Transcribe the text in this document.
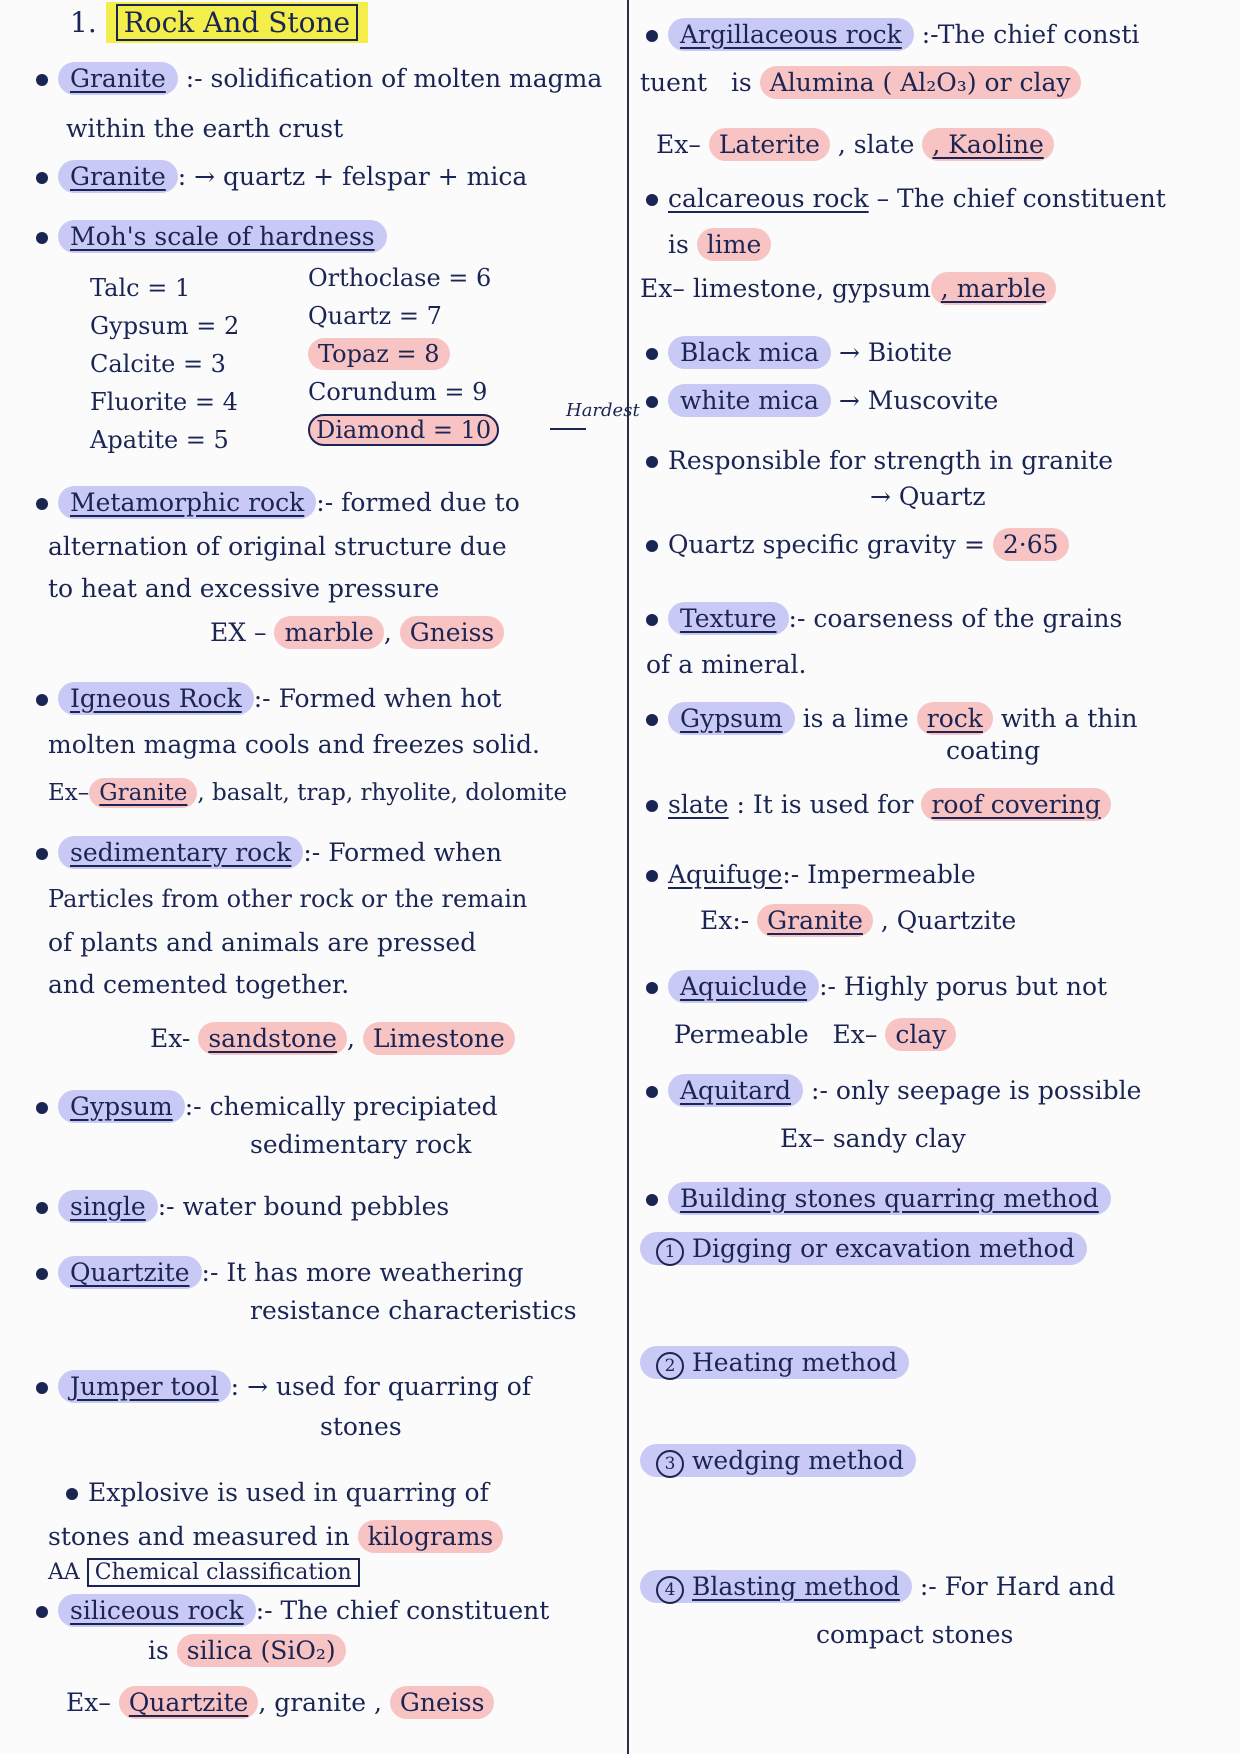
1. Rock And Stone
Granite :- solidification of molten magma
within the earth crust
Granite : → quartz + felspar + mica
Moh's scale of hardness
Talc = 1
Gypsum = 2
Calcite = 3
Fluorite = 4
Apatite = 5
Orthoclase = 6
Quartz = 7
Topaz = 8
Corundum = 9
Diamond = 10
Hardest
Metamorphic rock :- formed due to
alternation of original structure due
to heat and excessive pressure
EX – marble , Gneiss
Igneous Rock :- Formed when hot
molten magma cools and freezes solid.
Ex– Granite , basalt, trap, rhyolite, dolomite
sedimentary rock :- Formed when
Particles from other rock or the remain
of plants and animals are pressed
and cemented together.
Ex- sandstone , Limestone
Gypsum :- chemically precipiated
sedimentary rock
single :- water bound pebbles
Quartzite :- It has more weathering
resistance characteristics
Jumper tool : → used for quarring of
stones
Explosive is used in quarring of
stones and measured in kilograms
AA Chemical classification
siliceous rock :- The chief constituent
is silica (SiO₂)
Ex– Quartzite , granite , Gneiss
Argillaceous rock :-The chief consti
tuent is Alumina ( Al₂O₃) or clay
Ex– Laterite , slate , Kaoline
calcareous rock – The chief constituent
is lime
Ex– limestone, gypsum , marble
Black mica → Biotite
white mica → Muscovite
Responsible for strength in granite
→ Quartz
Quartz specific gravity = 2·65
Texture :- coarseness of the grains
of a mineral.
Gypsum is a lime rock with a thin
coating
slate : It is used for roof covering
Aquifuge:- Impermeable
Ex:- Granite , Quartzite
Aquiclude :- Highly porus but not
Permeable Ex– clay
Aquitard :- only seepage is possible
Ex– sandy clay
Building stones quarring method
1 Digging or excavation method
2 Heating method
3 wedging method
4 Blasting method :- For Hard and
compact stones
